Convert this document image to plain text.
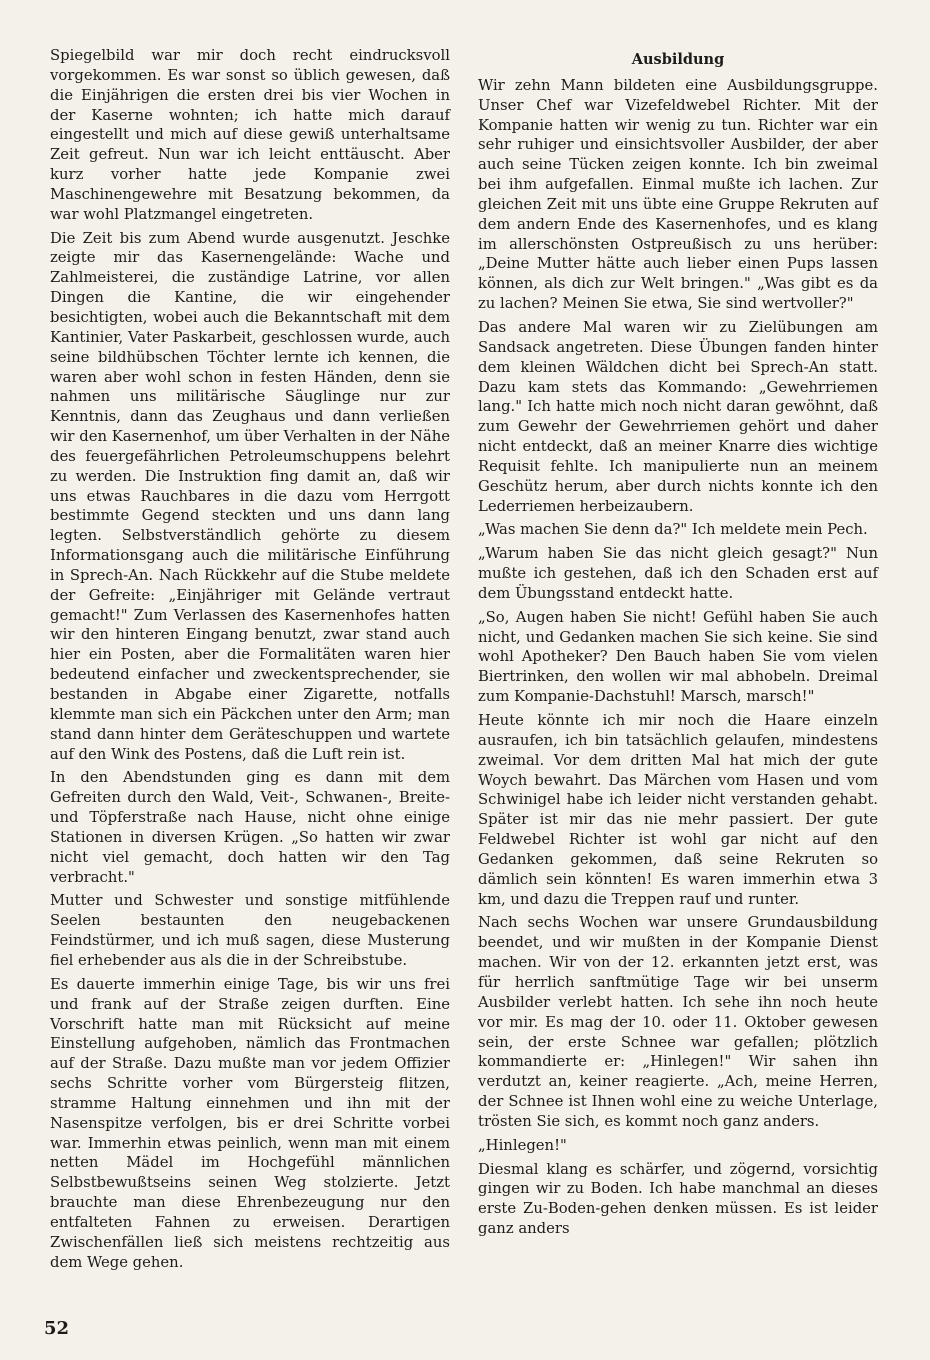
Spiegelbild war mir doch recht eindrucksvoll vorgekommen. Es war sonst so üblich gewesen, daß die Einjährigen die ersten drei bis vier Wochen in der Kaserne wohnten; ich hatte mich darauf eingestellt und mich auf diese gewiß unterhaltsame Zeit gefreut. Nun war ich leicht enttäuscht. Aber kurz vorher hatte jede Kompanie zwei Maschinengewehre mit Besatzung bekommen, da war wohl Platzmangel eingetreten.

Die Zeit bis zum Abend wurde ausgenutzt. Jeschke zeigte mir das Kasernengelände: Wache und Zahlmeisterei, die zuständige Latrine, vor allen Dingen die Kantine, die wir eingehender besichtigten, wobei auch die Bekanntschaft mit dem Kantinier, Vater Paskarbeit, geschlossen wurde, auch seine bildhübschen Töchter lernte ich kennen, die waren aber wohl schon in festen Händen, denn sie nahmen uns militärische Säuglinge nur zur Kenntnis, dann das Zeughaus und dann verließen wir den Kasernenhof, um über Verhalten in der Nähe des feuergefährlichen Petroleumschuppens belehrt zu werden. Die Instruktion fing damit an, daß wir uns etwas Rauchbares in die dazu vom Herrgott bestimmte Gegend steckten und uns dann lang legten. Selbstverständlich gehörte zu diesem Informationsgang auch die militärische Einführung in Sprech-An. Nach Rückkehr auf die Stube meldete der Gefreite: „Einjähriger mit Gelände vertraut gemacht!" Zum Verlassen des Kasernenhofes hatten wir den hinteren Eingang benutzt, zwar stand auch hier ein Posten, aber die Formalitäten waren hier bedeutend einfacher und zweckentsprechender, sie bestanden in Abgabe einer Zigarette, notfalls klemmte man sich ein Päckchen unter den Arm; man stand dann hinter dem Geräteschuppen und wartete auf den Wink des Postens, daß die Luft rein ist.

In den Abendstunden ging es dann mit dem Gefreiten durch den Wald, Veit-, Schwanen-, Breite- und Töpferstraße nach Hause, nicht ohne einige Stationen in diversen Krügen. „So hatten wir zwar nicht viel gemacht, doch hatten wir den Tag verbracht."

Mutter und Schwester und sonstige mitfühlende Seelen bestaunten den neugebackenen Feindstürmer, und ich muß sagen, diese Musterung fiel erhebender aus als die in der Schreibstube.

Es dauerte immerhin einige Tage, bis wir uns frei und frank auf der Straße zeigen durften. Eine Vorschrift hatte man mit Rücksicht auf meine Einstellung aufgehoben, nämlich das Frontmachen auf der Straße. Dazu mußte man vor jedem Offizier sechs Schritte vorher vom Bürgersteig flitzen, stramme Haltung einnehmen und ihn mit der Nasenspitze verfolgen, bis er drei Schritte vorbei war. Immerhin etwas peinlich, wenn man mit einem netten Mädel im Hochgefühl männlichen Selbstbewußtseins seinen Weg stolzierte. Jetzt brauchte man diese Ehrenbezeugung nur den entfalteten Fahnen zu erweisen. Derartigen Zwischenfällen ließ sich meistens rechtzeitig aus dem Wege gehen.

Ausbildung

Wir zehn Mann bildeten eine Ausbildungsgruppe. Unser Chef war Vizefeldwebel Richter. Mit der Kompanie hatten wir wenig zu tun. Richter war ein sehr ruhiger und einsichtsvoller Ausbilder, der aber auch seine Tücken zeigen konnte. Ich bin zweimal bei ihm aufgefallen. Einmal mußte ich lachen. Zur gleichen Zeit mit uns übte eine Gruppe Rekruten auf dem andern Ende des Kasernenhofes, und es klang im allerschönsten Ostpreußisch zu uns herüber: „Deine Mutter hätte auch lieber einen Pups lassen können, als dich zur Welt bringen." „Was gibt es da zu lachen? Meinen Sie etwa, Sie sind wertvoller?"

Das andere Mal waren wir zu Zielübungen am Sandsack angetreten. Diese Übungen fanden hinter dem kleinen Wäldchen dicht bei Sprech-An statt. Dazu kam stets das Kommando: „Gewehrriemen lang." Ich hatte mich noch nicht daran gewöhnt, daß zum Gewehr der Gewehrriemen gehört und daher nicht entdeckt, daß an meiner Knarre dies wichtige Requisit fehlte. Ich manipulierte nun an meinem Geschütz herum, aber durch nichts konnte ich den Lederriemen herbeizaubern.

„Was machen Sie denn da?" Ich meldete mein Pech.

„Warum haben Sie das nicht gleich gesagt?" Nun mußte ich gestehen, daß ich den Schaden erst auf dem Übungsstand entdeckt hatte.

„So, Augen haben Sie nicht! Gefühl haben Sie auch nicht, und Gedanken machen Sie sich keine. Sie sind wohl Apotheker? Den Bauch haben Sie vom vielen Biertrinken, den wollen wir mal abhobeln. Dreimal zum Kompanie-Dachstuhl! Marsch, marsch!"

Heute könnte ich mir noch die Haare einzeln ausraufen, ich bin tatsächlich gelaufen, mindestens zweimal. Vor dem dritten Mal hat mich der gute Woych bewahrt. Das Märchen vom Hasen und vom Schwinigel habe ich leider nicht verstanden gehabt. Später ist mir das nie mehr passiert. Der gute Feldwebel Richter ist wohl gar nicht auf den Gedanken gekommen, daß seine Rekruten so dämlich sein könnten! Es waren immerhin etwa 3 km, und dazu die Treppen rauf und runter.

Nach sechs Wochen war unsere Grundausbildung beendet, und wir mußten in der Kompanie Dienst machen. Wir von der 12. erkannten jetzt erst, was für herrlich sanftmütige Tage wir bei unserm Ausbilder verlebt hatten. Ich sehe ihn noch heute vor mir. Es mag der 10. oder 11. Oktober gewesen sein, der erste Schnee war gefallen; plötzlich kommandierte er: „Hinlegen!" Wir sahen ihn verdutzt an, keiner reagierte. „Ach, meine Herren, der Schnee ist Ihnen wohl eine zu weiche Unterlage, trösten Sie sich, es kommt noch ganz anders.

„Hinlegen!"

Diesmal klang es schärfer, und zögernd, vorsichtig gingen wir zu Boden. Ich habe manchmal an dieses erste Zu-Boden-gehen denken müssen. Es ist leider ganz anders

52
